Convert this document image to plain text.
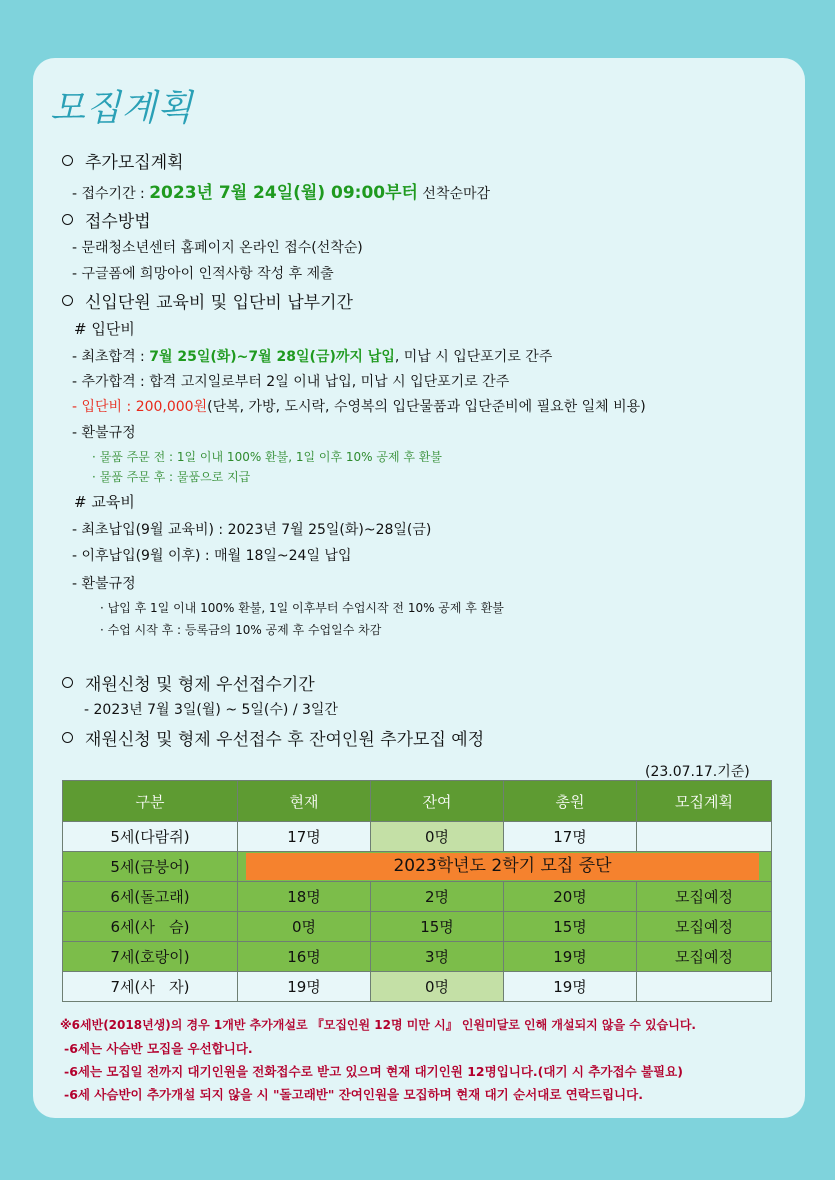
모집계획
추가모집계획
- 접수기간 : 2023년 7월 24일(월) 09:00부터 선착순마감
접수방법
- 문래청소년센터 홈페이지 온라인 접수(선착순)
- 구글폼에 희망아이 인적사항 작성 후 제출
신입단원 교육비 및 입단비 납부기간
# 입단비
- 최초합격 : 7월 25일(화)~7월 28일(금)까지 납입, 미납 시 입단포기로 간주
- 추가합격 : 합격 고지일로부터 2일 이내 납입, 미납 시 입단포기로 간주
- 입단비 : 200,000원(단복, 가방, 도시락, 수영복의 입단물품과 입단준비에 필요한 일체 비용)
- 환불규정
· 물품 주문 전 : 1일 이내 100% 환불, 1일 이후 10% 공제 후 환불
· 물품 주문 후 : 물품으로 지급
# 교육비
- 최초납입(9월 교육비) : 2023년 7월 25일(화)~28일(금)
- 이후납입(9월 이후) : 매월 18일~24일 납입
- 환불규정
· 납입 후 1일 이내 100% 환불, 1일 이후부터 수업시작 전 10% 공제 후 환불
· 수업 시작 후 : 등록금의 10% 공제 후 수업일수 차감
재원신청 및 형제 우선접수기간
- 2023년 7월 3일(월) ~ 5일(수) / 3일간
재원신청 및 형제 우선접수 후 잔여인원 추가모집 예정
(23.07.17.기준)
구분	현재	잔여	총원	모집계획
5세(다람쥐)	17명	0명	17명	
5세(금붕어)	2023학년도 2학기 모집 중단			

6세(돌고래)	18명	2명	20명	모집예정
6세(사   슴)	0명	15명	15명	모집예정
7세(호랑이)	16명	3명	19명	모집예정
7세(사   자)	19명	0명	19명	
※6세반(2018년생)의 경우 1개반 추가개설로 『모집인원 12명 미만 시』 인원미달로 인해 개설되지 않을 수 있습니다.
-6세는 사슴반 모집을 우선합니다.
-6세는 모집일 전까지 대기인원을 전화접수로 받고 있으며 현재 대기인원 12명입니다.(대기 시 추가접수 불필요)
-6세 사슴반이 추가개설 되지 않을 시 "돌고래반" 잔여인원을 모집하며 현재 대기 순서대로 연락드립니다.
